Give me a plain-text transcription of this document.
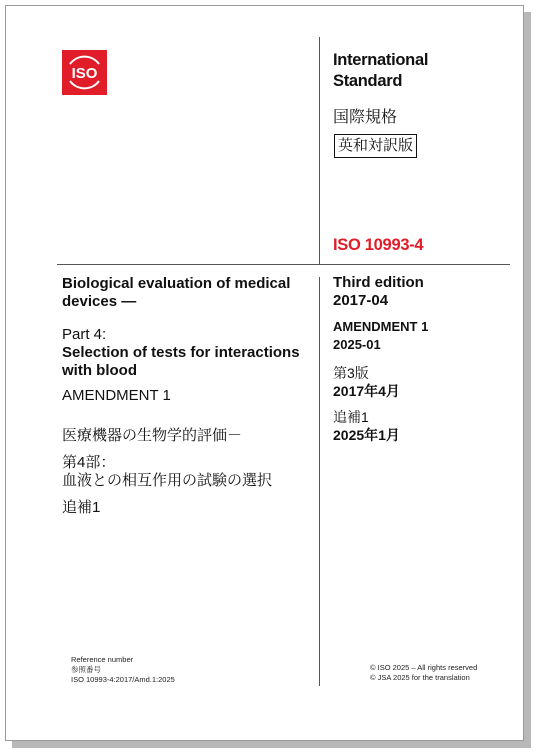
ISO
International
Standard
国際規格
英和対訳版
ISO 10993-4
Third edition
2017-04
AMENDMENT 1
2025-01
第3版
2017年4月
追補1
2025年1月
Biological evaluation of medical devices —
Part 4:
Selection of tests for interactions with blood
AMENDMENT 1
医療機器の生物学的評価－
第4部：
血液との相互作用の試験の選択
追補1
Reference number
参照番号
ISO 10993-4:2017/Amd.1:2025
© ISO 2025 – All rights reserved
© JSA 2025 for the translation
